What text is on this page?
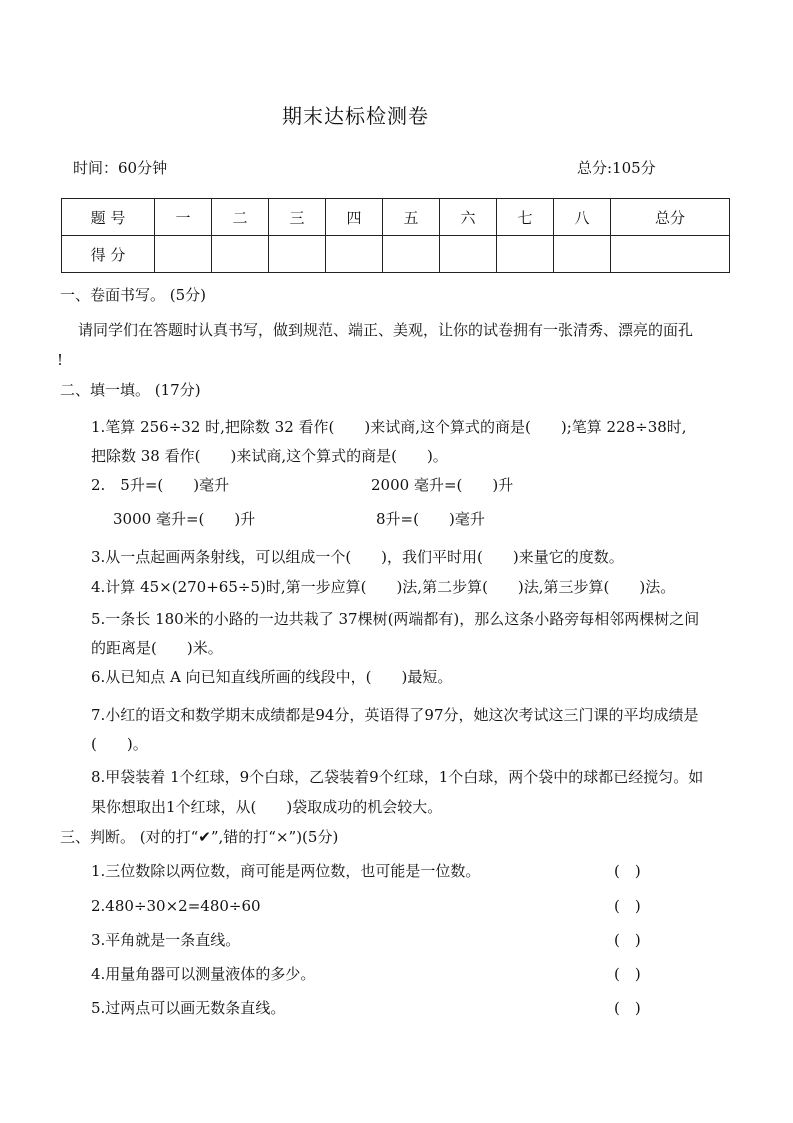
期末达标检测卷
时间：60分钟	总分:105分
题 号	一	二	三	四	五	六	七	八	总分
得 分									
一、卷面书写。 (5分)
请同学们在答题时认真书写，做到规范、端正、美观，让你的试卷拥有一张清秀、漂亮的面孔
!
二、填一填。 (17分)
1.笔算 256÷32 时,把除数 32 看作(　　)来试商,这个算式的商是(　　);笔算 228÷38时,
把除数 38 看作(　　)来试商,这个算式的商是(　　)。
2.　5升=(　　)毫升	2000 毫升=(　　)升
3000 毫升=(　　)升	8升=(　　)毫升
3.从一点起画两条射线，可以组成一个(　　)，我们平时用(　　)来量它的度数。
4.计算 45×(270+65÷5)时,第一步应算(　　)法,第二步算(　　)法,第三步算(　　)法。
5.一条长 180米的小路的一边共栽了 37棵树(两端都有)，那么这条小路旁每相邻两棵树之间
的距离是(　　)米。
6.从已知点 A 向已知直线所画的线段中，(　　)最短。
7.小红的语文和数学期末成绩都是94分，英语得了97分，她这次考试这三门课的平均成绩是
(　　)。
8.甲袋装着 1个红球，9个白球，乙袋装着9个红球，1个白球，两个袋中的球都已经搅匀。如
果你想取出1个红球，从(　　)袋取成功的机会较大。
三、判断。 (对的打“✔”,错的打“×”)(5分)
1.三位数除以两位数，商可能是两位数，也可能是一位数。	(　)
2.480÷30×2=480÷60	(　)
3.平角就是一条直线。	(　)
4.用量角器可以测量液体的多少。	(　)
5.过两点可以画无数条直线。	(　)
